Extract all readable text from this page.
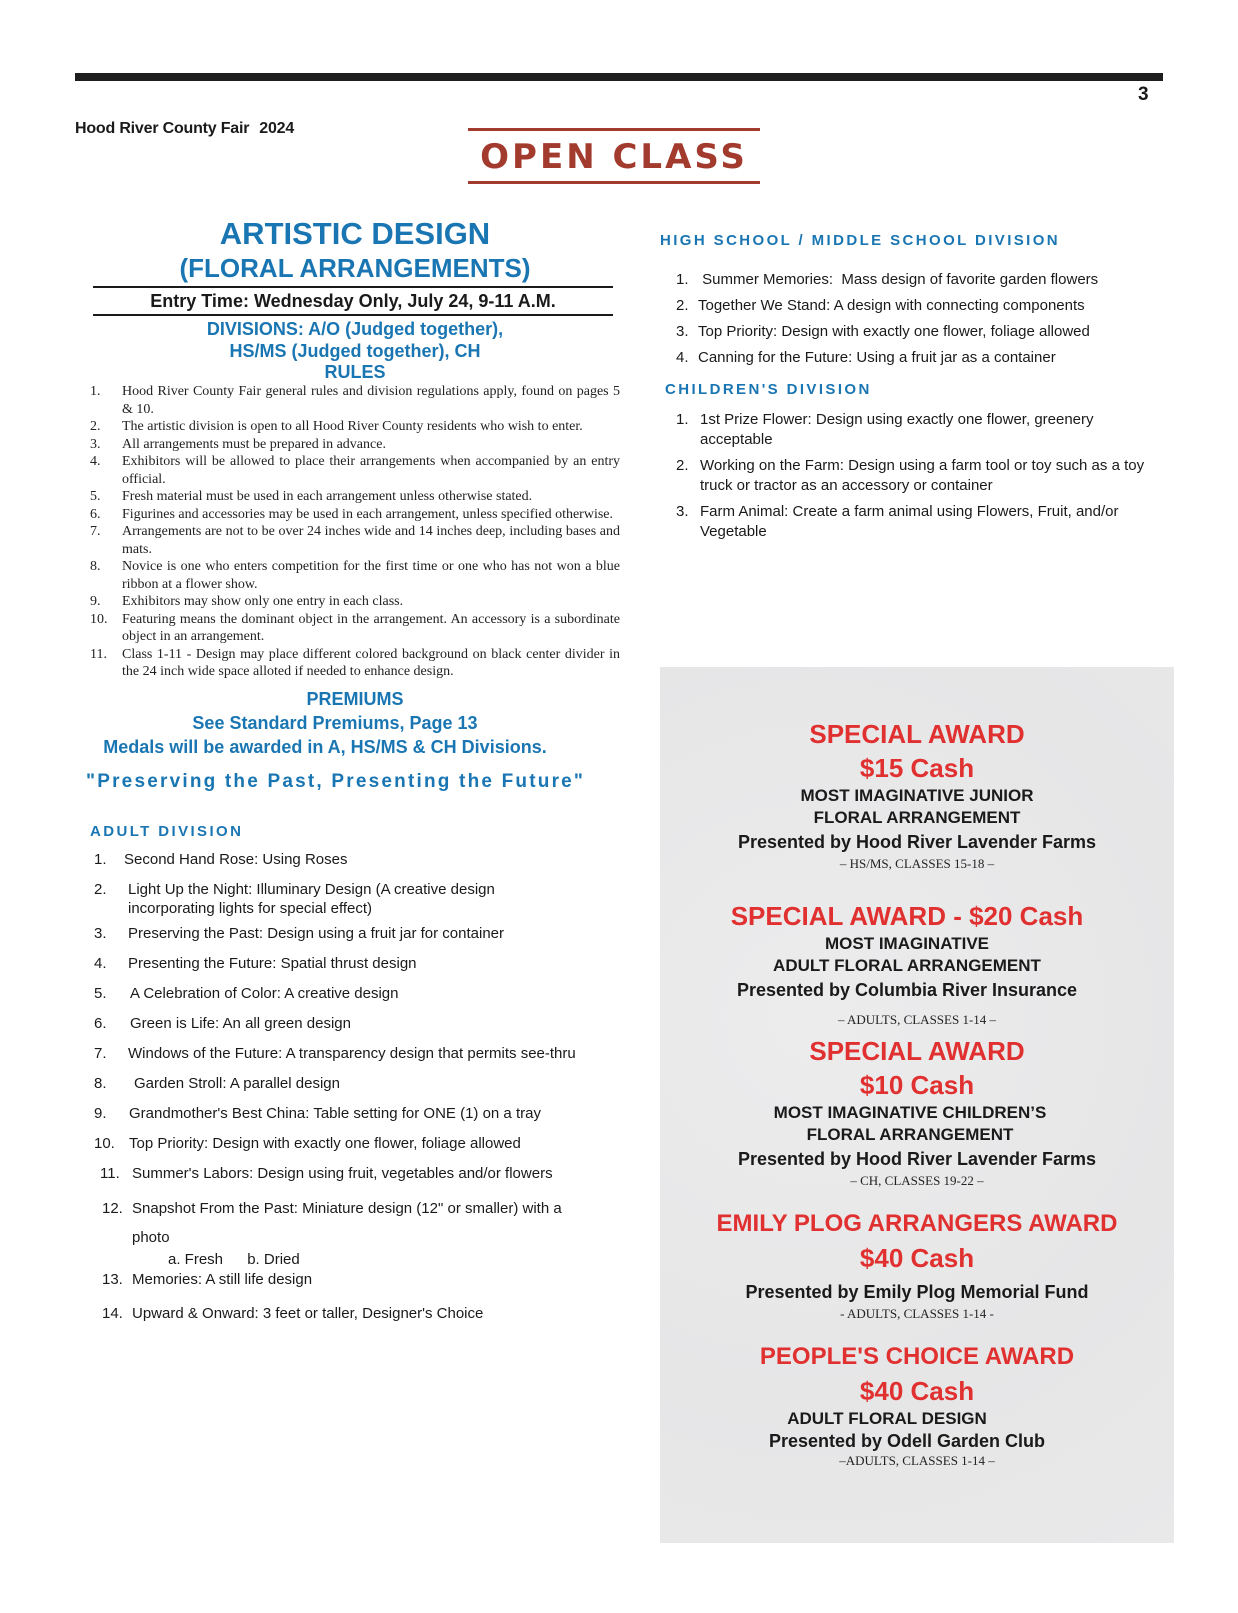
3
Hood River County Fair 2024
OPEN CLASS
ARTISTIC DESIGN
(FLORAL ARRANGEMENTS)
Entry Time: Wednesday Only, July 24, 9-11 A.M.
DIVISIONS: A/O (Judged together),
HS/MS (Judged together), CH
RULES
1.	Hood River County Fair general rules and division regulations apply, found on pages 5 & 10.
2.	The artistic division is open to all Hood River County residents who wish to enter.
3.	All arrangements must be prepared in advance.
4.	Exhibitors will be allowed to place their arrangements when accompanied by an entry official.
5.	Fresh material must be used in each arrangement unless otherwise stated.
6.	Figurines and accessories may be used in each arrangement, unless specified otherwise.
7.	Arrangements are not to be over 24 inches wide and 14 inches deep, including bases and mats.
8.	Novice is one who enters competition for the first time or one who has not won a blue ribbon at a flower show.
9.	Exhibitors may show only one entry in each class.
10.	Featuring means the dominant object in the arrangement. An accessory is a subordinate object in an arrangement.
11.	Class 1-11 - Design may place different colored background on black center divider in the 24 inch wide space alloted if needed to enhance design.
PREMIUMS
See Standard Premiums, Page 13
Medals will be awarded in A, HS/MS & CH Divisions.
"Preserving the Past, Presenting the Future"
ADULT DIVISION
1.	Second Hand Rose: Using Roses
2.	Light Up the Night: Illuminary Design (A creative design incorporating lights for special effect)
3.	Preserving the Past: Design using a fruit jar for container
4.	Presenting the Future: Spatial thrust design
5.	A Celebration of Color: A creative design
6.	Green is Life: An all green design
7.	Windows of the Future: A transparency design that permits see-thru
8.	Garden Stroll: A parallel design
9.	Grandmother's Best China: Table setting for ONE (1) on a tray
10. Top Priority: Design with exactly one flower, foliage allowed
11. Summer's Labors: Design using fruit, vegetables and/or flowers
12. Snapshot From the Past: Miniature design (12" or smaller) with a photo
a. Fresh b. Dried
13. Memories: A still life design
14. Upward & Onward: 3 feet or taller, Designer's Choice
HIGH SCHOOL / MIDDLE SCHOOL DIVISION
1. Summer Memories:  Mass design of favorite garden flowers
2. Together We Stand: A design with connecting components
3. Top Priority: Design with exactly one flower, foliage allowed
4. Canning for the Future: Using a fruit jar as a container
CHILDREN'S DIVISION
1. 1st Prize Flower: Design using exactly one flower, greenery acceptable
2. Working on the Farm: Design using a farm tool or toy such as a toy truck or tractor as an accessory or container
3. Farm Animal: Create a farm animal using Flowers, Fruit, and/or Vegetable
SPECIAL AWARD
$15 Cash
MOST IMAGINATIVE JUNIOR
FLORAL ARRANGEMENT
Presented by Hood River Lavender Farms
– HS/MS, CLASSES 15-18 –
SPECIAL AWARD - $20 Cash
MOST IMAGINATIVE
ADULT FLORAL ARRANGEMENT
Presented by Columbia River Insurance
– ADULTS, CLASSES 1-14 –
SPECIAL AWARD
$10 Cash
MOST IMAGINATIVE CHILDREN’S
FLORAL ARRANGEMENT
Presented by Hood River Lavender Farms
– CH, CLASSES 19-22 –
EMILY PLOG ARRANGERS AWARD
$40 Cash
Presented by Emily Plog Memorial Fund
- ADULTS, CLASSES 1-14 -
PEOPLE'S CHOICE AWARD
$40 Cash
ADULT FLORAL DESIGN
Presented by Odell Garden Club
–ADULTS, CLASSES 1-14 –
